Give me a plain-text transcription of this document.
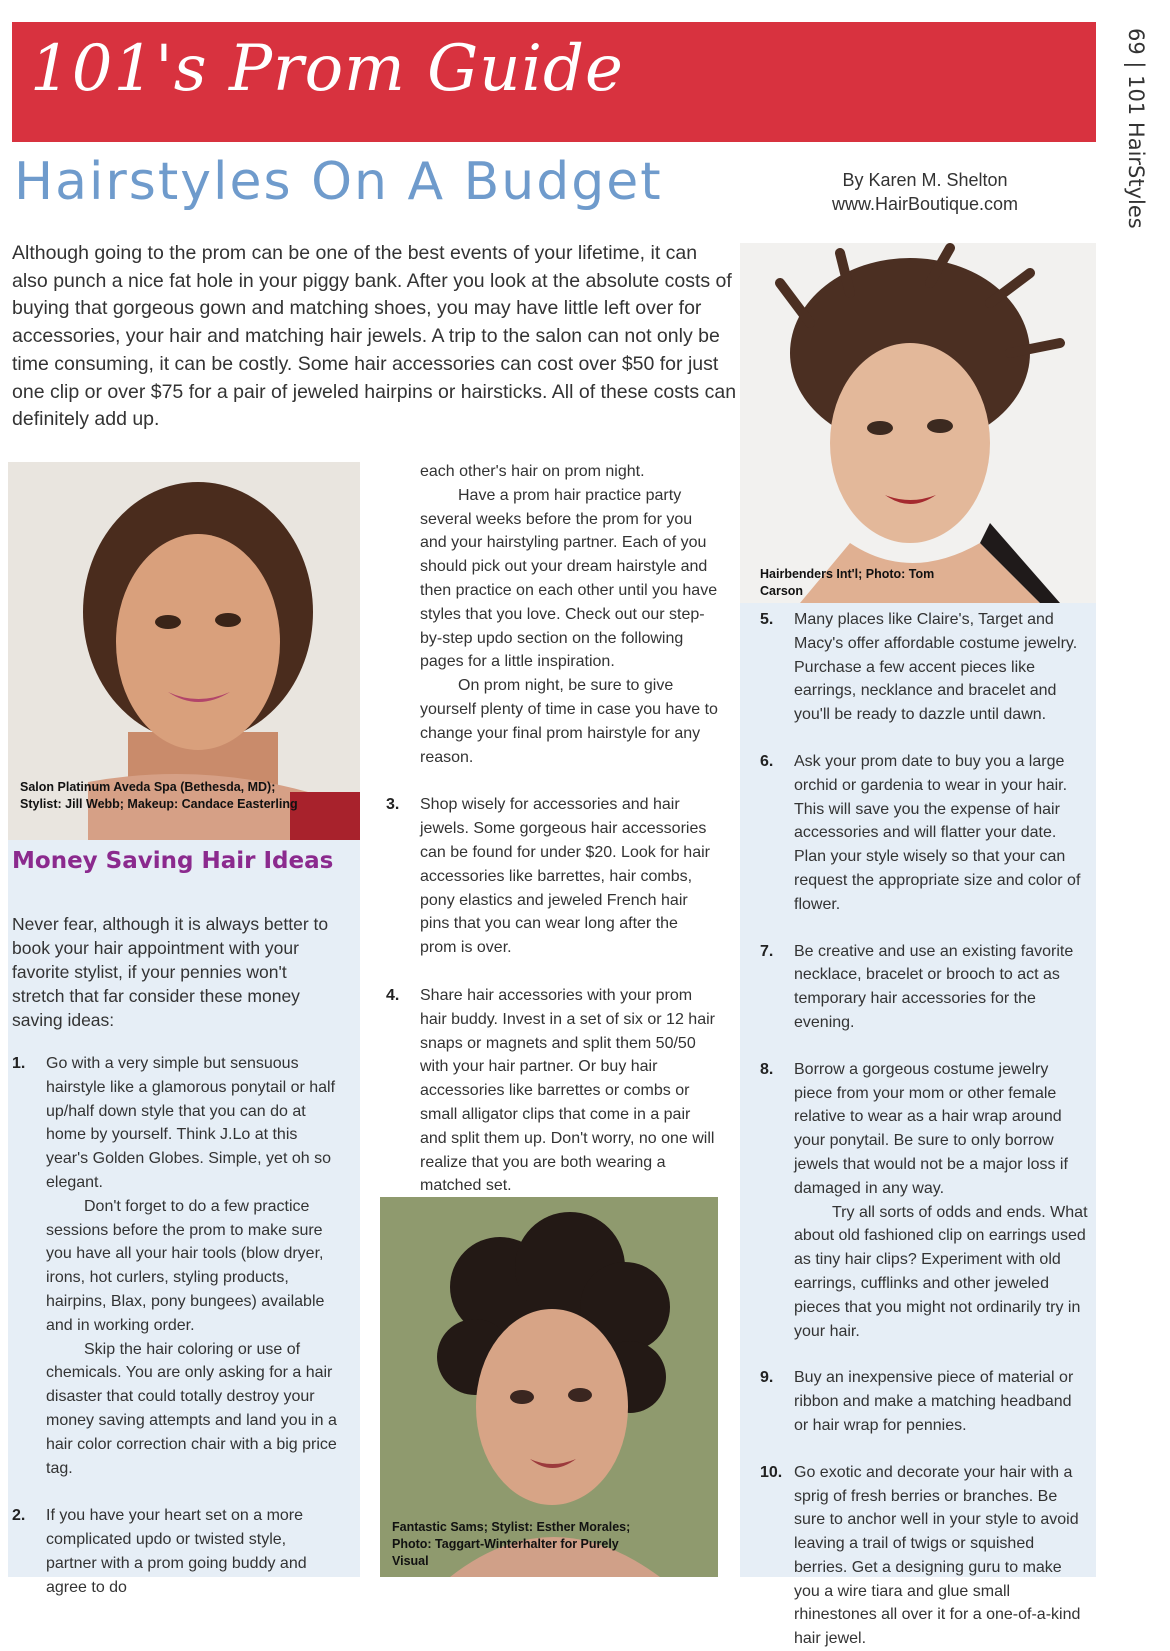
101's Prom Guide	69 | 101 HairStyles
Hairstyles On A Budget	By Karen M. Shelton
www.HairBoutique.com

Although going to the prom can be one of the best events of your lifetime, it can also punch a nice fat hole in your piggy bank. After you look at the absolute costs of buying that gorgeous gown and matching shoes, you may have little left over for accessories, your hair and matching hair jewels. A trip to the salon can not only be time consuming, it can be costly. Some hair accessories can cost over $50 for just one clip or over $75 for a pair of jeweled hairpins or hairsticks. All of these costs can definitely add up.

Salon Platinum Aveda Spa (Bethesda, MD); Stylist: Jill Webb; Makeup: Candace Easterling
Hairbenders Int'l; Photo: Tom Carson
Fantastic Sams; Stylist: Esther Morales; Photo: Taggart-Winterhalter for Purely Visual
Money Saving Hair Ideas

Never fear, although it is always better to book your hair appointment with your favorite stylist, if your pennies won't stretch that far consider these money saving ideas:

1. Go with a very simple but sensuous hairstyle like a glamorous ponytail or half up/half down style that you can do at home by yourself. Think J.Lo at this year's Golden Globes. Simple, yet oh so elegant.

Don't forget to do a few practice sessions before the prom to make sure you have all your hair tools (blow dryer, irons, hot curlers, styling products, hairpins, Blax, pony bungees) available and in working order.

Skip the hair coloring or use of chemicals. You are only asking for a hair disaster that could totally destroy your money saving attempts and land you in a hair color correction chair with a big price tag.

2. If you have your heart set on a more complicated updo or twisted style, partner with a prom going buddy and agree to do

each other's hair on prom night.

Have a prom hair practice party several weeks before the prom for you and your hairstyling partner. Each of you should pick out your dream hairstyle and then practice on each other until you have styles that you love. Check out our step-by-step updo section on the following pages for a little inspiration.

On prom night, be sure to give yourself plenty of time in case you have to change your final prom hairstyle for any reason.

3. Shop wisely for accessories and hair jewels. Some gorgeous hair accessories can be found for under $20. Look for hair accessories like barrettes, hair combs, pony elastics and jeweled French hair pins that you can wear long after the prom is over.

4. Share hair accessories with your prom hair buddy. Invest in a set of six or 12 hair snaps or magnets and split them 50/50 with your hair partner. Or buy hair accessories like barrettes or combs or small alligator clips that come in a pair and split them up. Don't worry, no one will realize that you are both wearing a matched set.

5. Many places like Claire's, Target and Macy's offer affordable costume jewelry. Purchase a few accent pieces like earrings, necklance and bracelet and you'll be ready to dazzle until dawn.

6. Ask your prom date to buy you a large orchid or gardenia to wear in your hair. This will save you the expense of hair accessories and will flatter your date. Plan your style wisely so that your can request the appropriate size and color of flower.

7. Be creative and use an existing favorite necklace, bracelet or brooch to act as temporary hair accessories for the evening.

8. Borrow a gorgeous costume jewelry piece from your mom or other female relative to wear as a hair wrap around your ponytail. Be sure to only borrow jewels that would not be a major loss if damaged in any way.

Try all sorts of odds and ends. What about old fashioned clip on earrings used as tiny hair clips? Experiment with old earrings, cufflinks and other jeweled pieces that you might not ordinarily try in your hair.

9. Buy an inexpensive piece of material or ribbon and make a matching headband or hair wrap for pennies.

10. Go exotic and decorate your hair with a sprig of fresh berries or branches. Be sure to anchor well in your style to avoid leaving a trail of twigs or squished berries. Get a designing guru to make you a wire tiara and glue small rhinestones all over it for a one-of-a-kind hair jewel.
